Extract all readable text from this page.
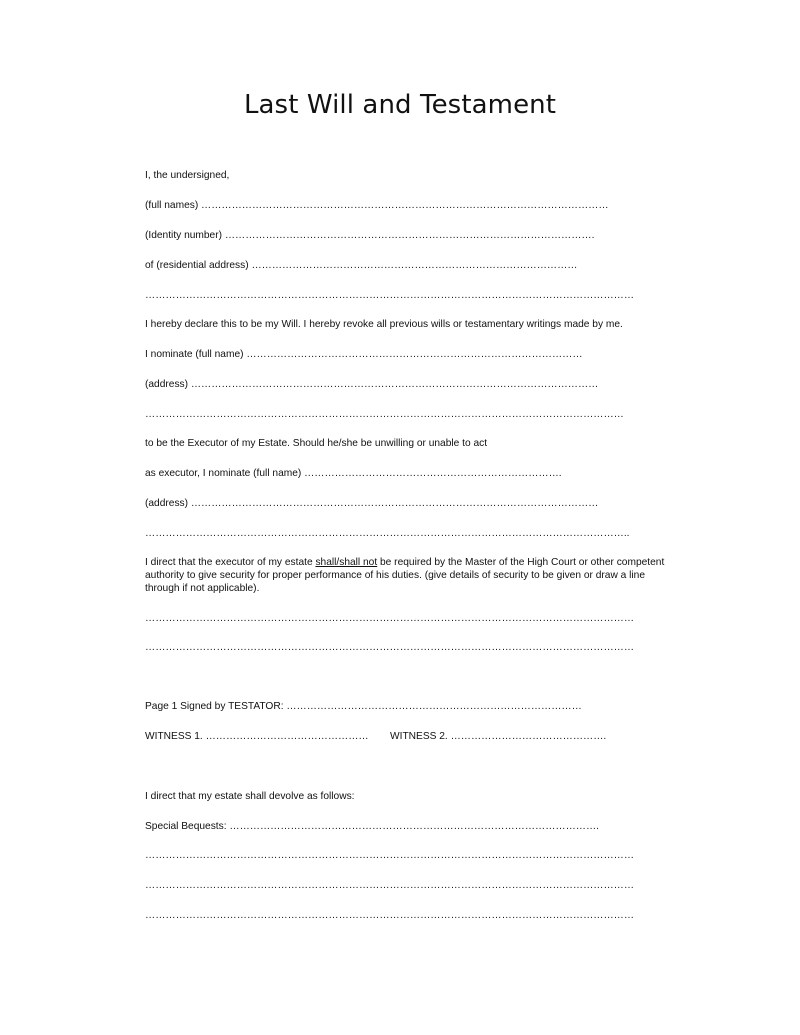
Last Will and Testament
I, the undersigned,
(full names) …………………………………………………………………………………………………………
(Identity number) ……………………………………………………………………………………………….
of (residential address) ……………………………………………………………………………………
………………………………………………………………………………………………………………………………
I hereby declare this to be my Will. I hereby revoke all previous wills or testamentary writings made by me.
I nominate (full name) ………………………………………………………………………………………
(address) …………………………………………………………………………………………………………
……………………………………………………………………………………………………………………………
to be the Executor of my Estate. Should he/she be unwilling or unable to act
as executor, I nominate (full name) ………………………………………………………………….
(address) …………………………………………………………………………………………………………
……………………………………………………………………………………………………………………………..
I direct that the executor of my estate shall/shall not be required by the Master of the High Court or other competent authority to give security for proper performance of his duties. (give details of security to be given or draw a line through if not applicable).
………………………………………………………………………………………………………………………………
………………………………………………………………………………………………………………………………
Page 1 Signed by TESTATOR: ……………………………………………………………………………
WITNESS 1. ………………………………………… WITNESS 2. ……………………………………….
I direct that my estate shall devolve as follows:
Special Bequests: ……………………………………………………………………………………………….
………………………………………………………………………………………………………………………………
………………………………………………………………………………………………………………………………
………………………………………………………………………………………………………………………………
